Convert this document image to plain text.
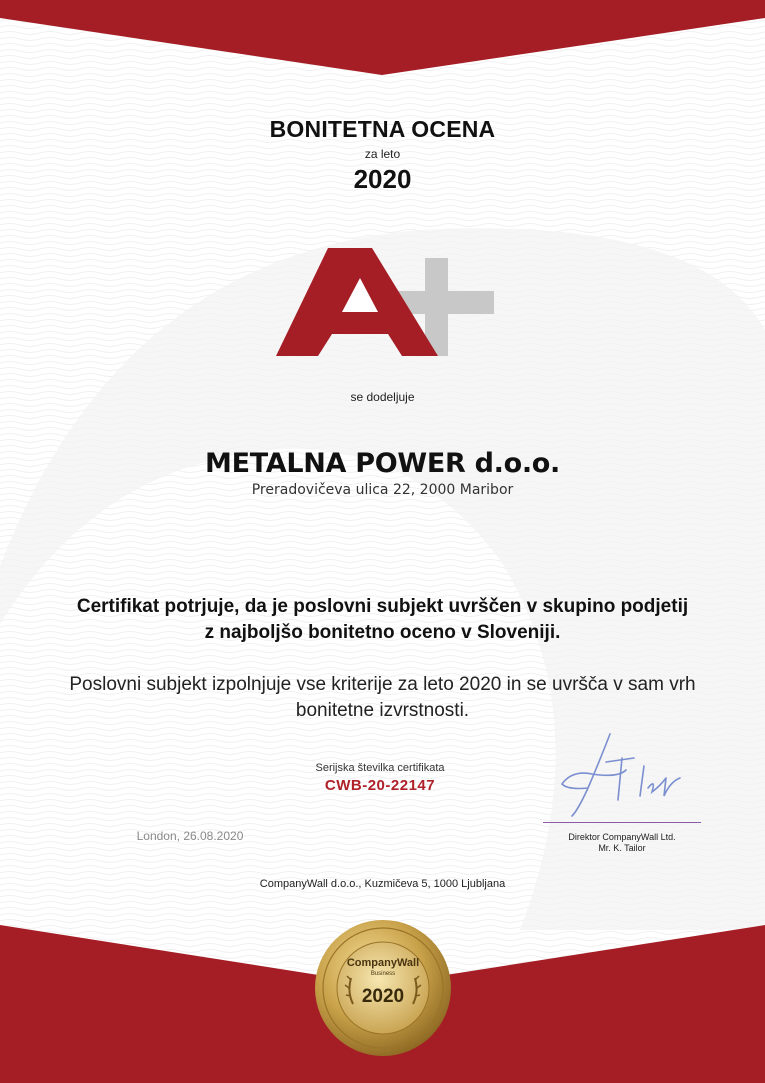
BONITETNA OCENA
za leto
2020
se dodeljuje
METALNA POWER d.o.o.
Preradovičeva ulica 22, 2000 Maribor
Certifikat potrjuje, da je poslovni subjekt uvrščen v skupino podjetij
z najboljšo bonitetno oceno v Sloveniji.
Poslovni subjekt izpolnjuje vse kriterije za leto 2020 in se uvršča v sam vrh
bonitetne izvrstnosti.
Serijska številka certifikata
CWB-20-22147
London, 26.08.2020	Direktor CompanyWall Ltd.
Mr. K. Tailor
CompanyWall d.o.o., Kuzmičeva 5, 1000 Ljubljana
CompanyWall
Business
2020
